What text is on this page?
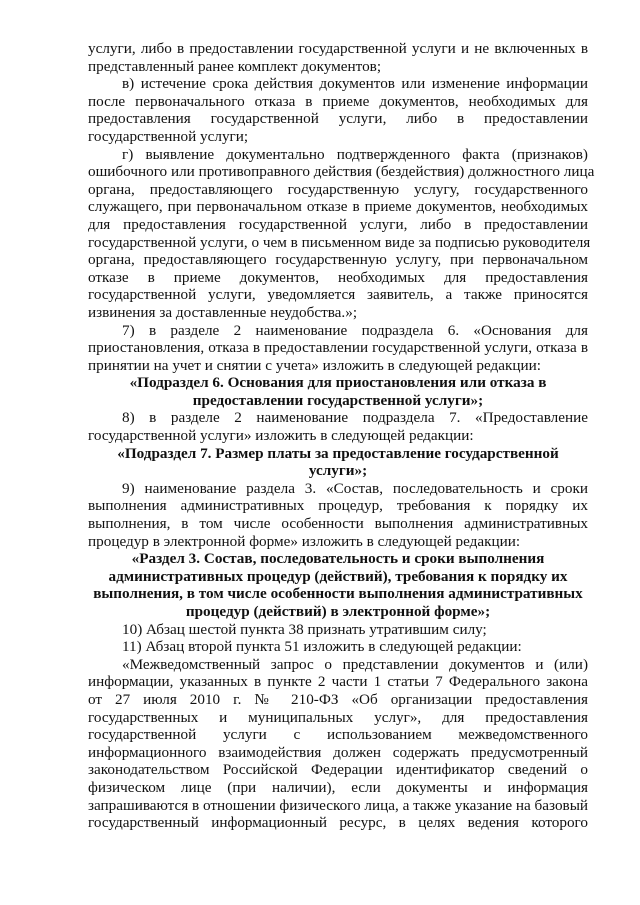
услуги, либо в предоставлении государственной услуги и не включенных в
представленный ранее комплект документов;
в) истечение срока действия документов или изменение информации
после первоначального отказа в приеме документов, необходимых для
предоставления государственной услуги, либо в предоставлении
государственной услуги;
г) выявление документально подтвержденного факта (признаков)
ошибочного или противоправного действия (бездействия) должностного лица
органа, предоставляющего государственную услугу, государственного
служащего, при первоначальном отказе в приеме документов, необходимых
для предоставления государственной услуги, либо в предоставлении
государственной услуги, о чем в письменном виде за подписью руководителя
органа, предоставляющего государственную услугу, при первоначальном
отказе в приеме документов, необходимых для предоставления
государственной услуги, уведомляется заявитель, а также приносятся
извинения за доставленные неудобства.»;
7) в разделе 2 наименование подраздела 6. «Основания для
приостановления, отказа в предоставлении государственной услуги, отказа в
принятии на учет и снятии с учета» изложить в следующей редакции:
«Подраздел 6. Основания для приостановления или отказа в
предоставлении государственной услуги»;
8) в разделе 2 наименование подраздела 7. «Предоставление
государственной услуги» изложить в следующей редакции:
«Подраздел 7. Размер платы за предоставление государственной
услуги»;
9) наименование раздела 3. «Состав, последовательность и сроки
выполнения административных процедур, требования к порядку их
выполнения, в том числе особенности выполнения административных
процедур в электронной форме» изложить в следующей редакции:
«Раздел 3. Состав, последовательность и сроки выполнения
административных процедур (действий), требования к порядку их
выполнения, в том числе особенности выполнения административных
процедур (действий) в электронной форме»;
10) Абзац шестой пункта 38 признать утратившим силу;
11) Абзац второй пункта 51 изложить в следующей редакции:
«Межведомственный запрос о представлении документов и (или)
информации, указанных в пункте 2 части 1 статьи 7 Федерального закона
от 27 июля 2010 г. № 210-ФЗ «Об организации предоставления
государственных и муниципальных услуг», для предоставления
государственной услуги с использованием межведомственного
информационного взаимодействия должен содержать предусмотренный
законодательством Российской Федерации идентификатор сведений о
физическом лице (при наличии), если документы и информация
запрашиваются в отношении физического лица, а также указание на базовый
государственный информационный ресурс, в целях ведения которого
